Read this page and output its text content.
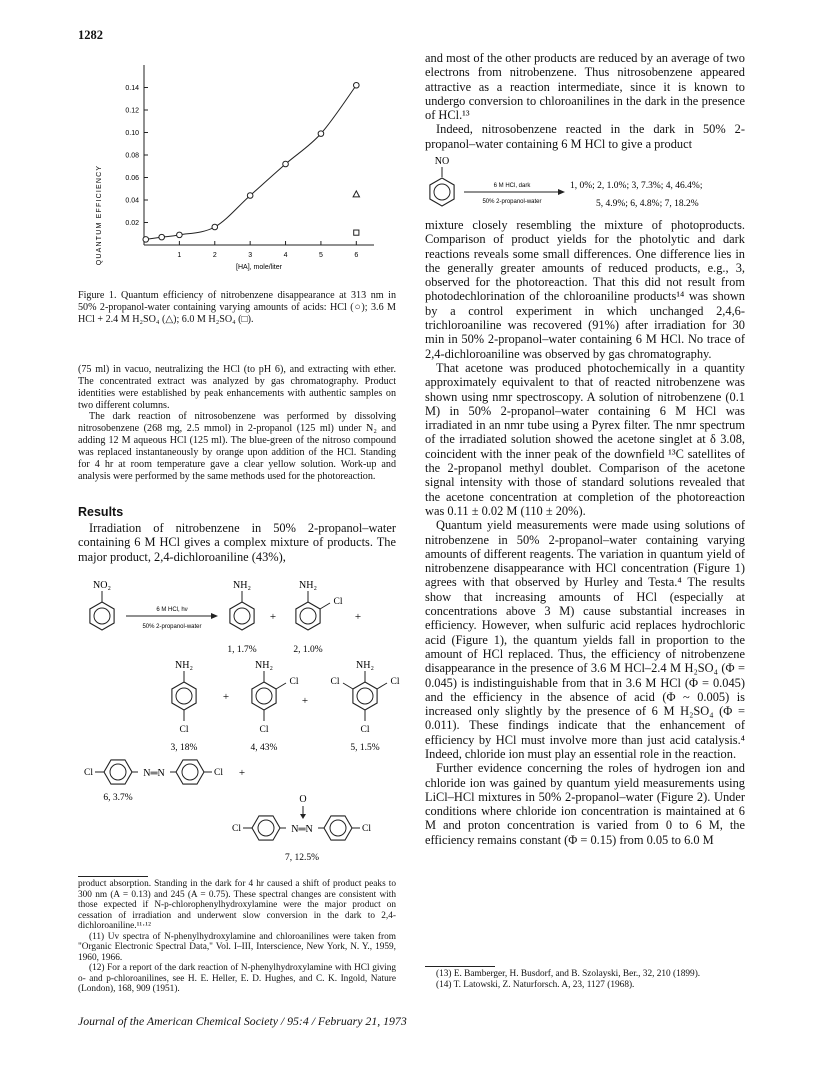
1282
QUANTUM EFFICIENCY	0.02
0.04
0.06
0.08
0.10
0.12
0.14
1	2	3	4	5	6
[HA], mole/liter
Figure 1. Quantum efficiency of nitrobenzene disappearance at 313 nm in 50% 2-propanol-water containing varying amounts of acids: HCl (○); 3.6 M HCl + 2.4 M H₂SO₄ (△); 6.0 M H₂SO₄ (□).

(75 ml) in vacuo, neutralizing the HCl (to pH 6), and extracting with ether. The concentrated extract was analyzed by gas chromatography. Product identities were established by peak enhancements with authentic samples on two different columns.

The dark reaction of nitrosobenzene was performed by dissolving nitrosobenzene (268 mg, 2.5 mmol) in 2-propanol (125 ml) under N₂ and adding 12 M aqueous HCl (125 ml). The blue-green of the nitroso compound was replaced instantaneously by orange upon addition of the HCl. Standing for 4 hr at room temperature gave a clear yellow solution. Work-up and analysis were performed by the same methods used for the photoreaction.

Results
Irradiation of nitrobenzene in 50% 2-propanol–water containing 6 M HCl gives a complex mixture of products. The major product, 2,4-dichloroaniline (43%),
NO₂
6 M HCl, hν
50% 2-propanol-water
NH₂
1, 1.7%
+
NH₂
Cl
2, 1.0%
+
NH₂
Cl
3, 18%
+
NH₂
Cl
Cl
4, 43%
+
NH₂
Cl	Cl
Cl
5, 1.5%
Cl	N═N	Cl +
6, 3.7%	O
Cl	N═N	Cl
7, 12.5%

product absorption. Standing in the dark for 4 hr caused a shift of product peaks to 300 nm (A = 0.13) and 245 (A = 0.75). These spectral changes are consistent with those expected if N-p-chlorophenylhydroxylamine were the major product on cessation of irradiation and underwent slow conversion in the dark to 2,4-dichloroaniline.¹¹·¹²

(11) Uv spectra of N-phenylhydroxylamine and chloroanilines were taken from "Organic Electronic Spectral Data," Vol. I–III, Interscience, New York, N. Y., 1959, 1960, 1966.

(12) For a report of the dark reaction of N-phenylhydroxylamine with HCl giving o- and p-chloroanilines, see H. E. Heller, E. D. Hughes, and C. K. Ingold, Nature (London), 168, 909 (1951).

and most of the other products are reduced by an average of two electrons from nitrobenzene. Thus nitrosobenzene appeared attractive as a reaction intermediate, since it is known to undergo conversion to chloroanilines in the dark in the presence of HCl.¹³

Indeed, nitrosobenzene reacted in the dark in 50% 2-propanol–water containing 6 M HCl to give a product

NO
6 M HCl, dark
50% 2-propanol-water
1, 0%; 2, 1.0%; 3, 7.3%; 4, 46.4%;
5, 4.9%; 6, 4.8%; 7, 18.2%

mixture closely resembling the mixture of photoproducts. Comparison of product yields for the photolytic and dark reactions reveals some small differences. One difference lies in the generally greater amounts of reduced products, e.g., 3, observed for the photoreaction. That this did not result from photodechlorination of the chloroaniline products¹⁴ was shown by a control experiment in which unchanged 2,4,6-trichloroaniline was recovered (91%) after irradiation for 30 min in 50% 2-propanol–water containing 6 M HCl. No trace of 2,4-dichloroaniline was observed by gas chromatography.

That acetone was produced photochemically in a quantity approximately equivalent to that of reacted nitrobenzene was shown using nmr spectroscopy. A solution of nitrobenzene (0.1 M) in 50% 2-propanol–water containing 6 M HCl was irradiated in an nmr tube using a Pyrex filter. The nmr spectrum of the irradiated solution showed the acetone singlet at δ 3.08, coincident with the inner peak of the downfield ¹³C satellites of the 2-propanol methyl doublet. Comparison of the acetone signal intensity with those of standard solutions revealed that the acetone concentration at completion of the photoreaction was 0.11 ± 0.02 M (110 ± 20%).

Quantum yield measurements were made using solutions of nitrobenzene in 50% 2-propanol–water containing varying amounts of different reagents. The variation in quantum yield of nitrobenzene disappearance with HCl concentration (Figure 1) agrees with that observed by Hurley and Testa.⁴ The results show that increasing amounts of HCl (especially at concentrations above 3 M) cause substantial increases in efficiency. However, when sulfuric acid replaces hydrochloric acid (Figure 1), the quantum yields fall in proportion to the amount of HCl replaced. Thus, the efficiency of nitrobenzene disappearance in the presence of 3.6 M HCl–2.4 M H₂SO₄ (Φ = 0.045) is indistinguishable from that in 3.6 M HCl (Φ = 0.045) and the efficiency in the absence of acid (Φ ~ 0.005) is increased only slightly by the presence of 6 M H₂SO₄ (Φ = 0.011). These findings indicate that the enhancement of efficiency by HCl must involve more than just acid catalysis.⁴ Indeed, chloride ion must play an essential role in the reaction.

Further evidence concerning the roles of hydrogen ion and chloride ion was gained by quantum yield measurements using LiCl–HCl mixtures in 50% 2-propanol–water (Figure 2). Under conditions where chloride ion concentration is maintained at 6 M and proton concentration is varied from 0 to 6 M, the efficiency remains constant (Φ = 0.15) from 0.05 to 6.0 M

(13) E. Bamberger, H. Busdorf, and B. Szolayski, Ber., 32, 210 (1899).

(14) T. Latowski, Z. Naturforsch. A, 23, 1127 (1968).

Journal of the American Chemical Society / 95:4 / February 21, 1973
